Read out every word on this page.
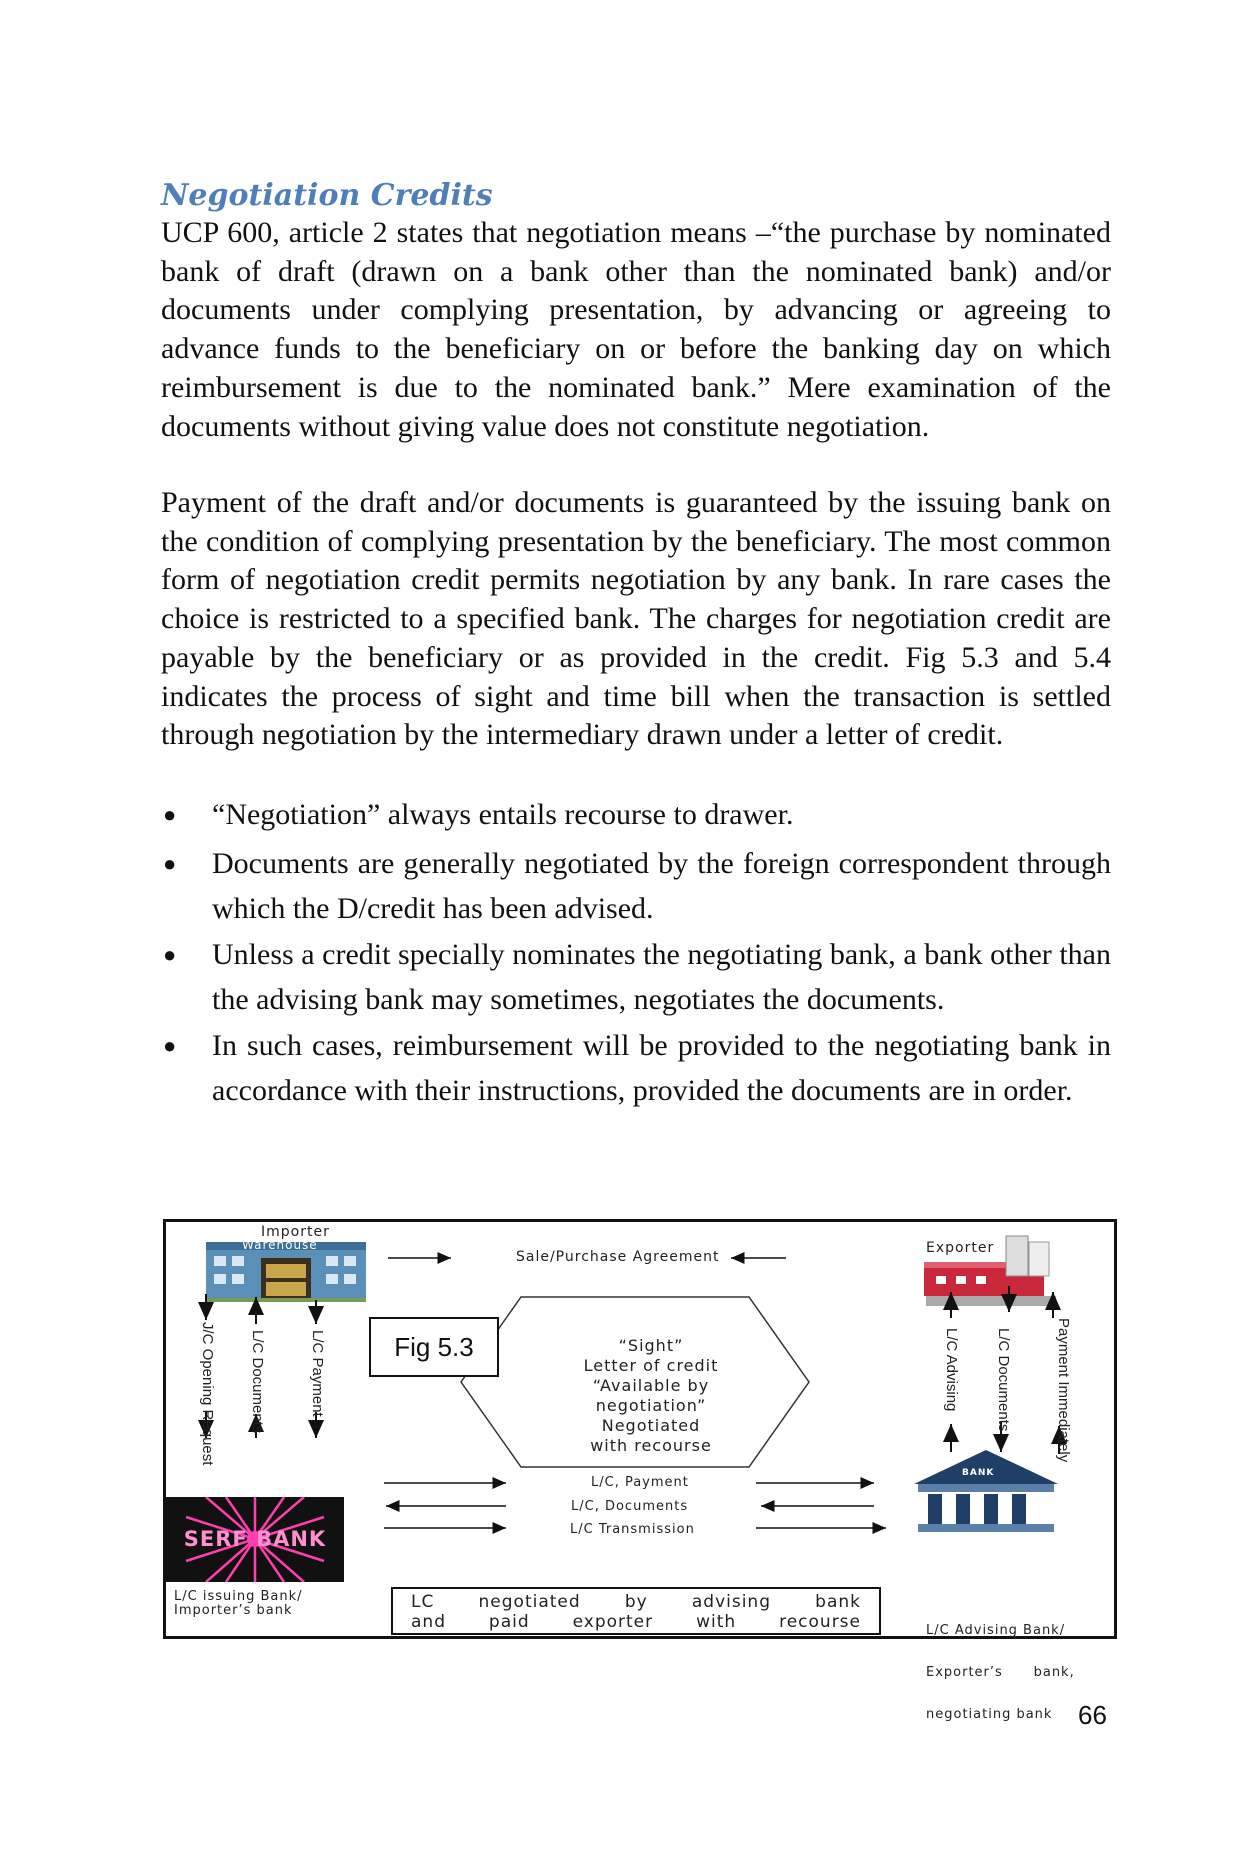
Negotiation Credits
UCP 600, article 2 states that negotiation means –“the purchase by nominated bank of draft (drawn on a bank other than the nominated bank) and/or documents under complying presentation, by advancing or agreeing to advance funds to the beneficiary on or before the banking day on which reimbursement is due to the nominated bank.” Mere examination of the documents without giving value does not constitute negotiation.
Payment of the draft and/or documents is guaranteed by the issuing bank on the condition of complying presentation by the beneficiary. The most common form of negotiation credit permits negotiation by any bank. In rare cases the choice is restricted to a specified bank. The charges for negotiation credit are payable by the beneficiary or as provided in the credit. Fig 5.3 and 5.4 indicates the process of sight and time bill when the transaction is settled through negotiation by the intermediary drawn under a letter of credit.
● “Negotiation” always entails recourse to drawer.
● Documents are generally negotiated by the foreign correspondent through which the D/credit has been advised.
● Unless a credit specially nominates the negotiating bank, a bank other than the advising bank may sometimes, negotiates the documents.
● In such cases, reimbursement will be provided to the negotiating bank in accordance with their instructions, provided the documents are in order.
SERF BANK
Importer
Warehouse	Exporter
Sale/Purchase Agreement
J/C Opening Request L/C Documents	L/C Payment	L/C Advising L/C Documents	Payment Immediately
Fig 5.3	“Sight”
Letter of credit
“Available by
negotiation”
Negotiated
with recourse
L/C, Payment
L/C, Documents
L/C Transmission
BANK
L/C issuing Bank/
Importer’s bank	LC negotiated by advising bank
and paid exporter with recourse

	L/C Advising Bank/

Exporter’s      bank,

negotiating bank

66
